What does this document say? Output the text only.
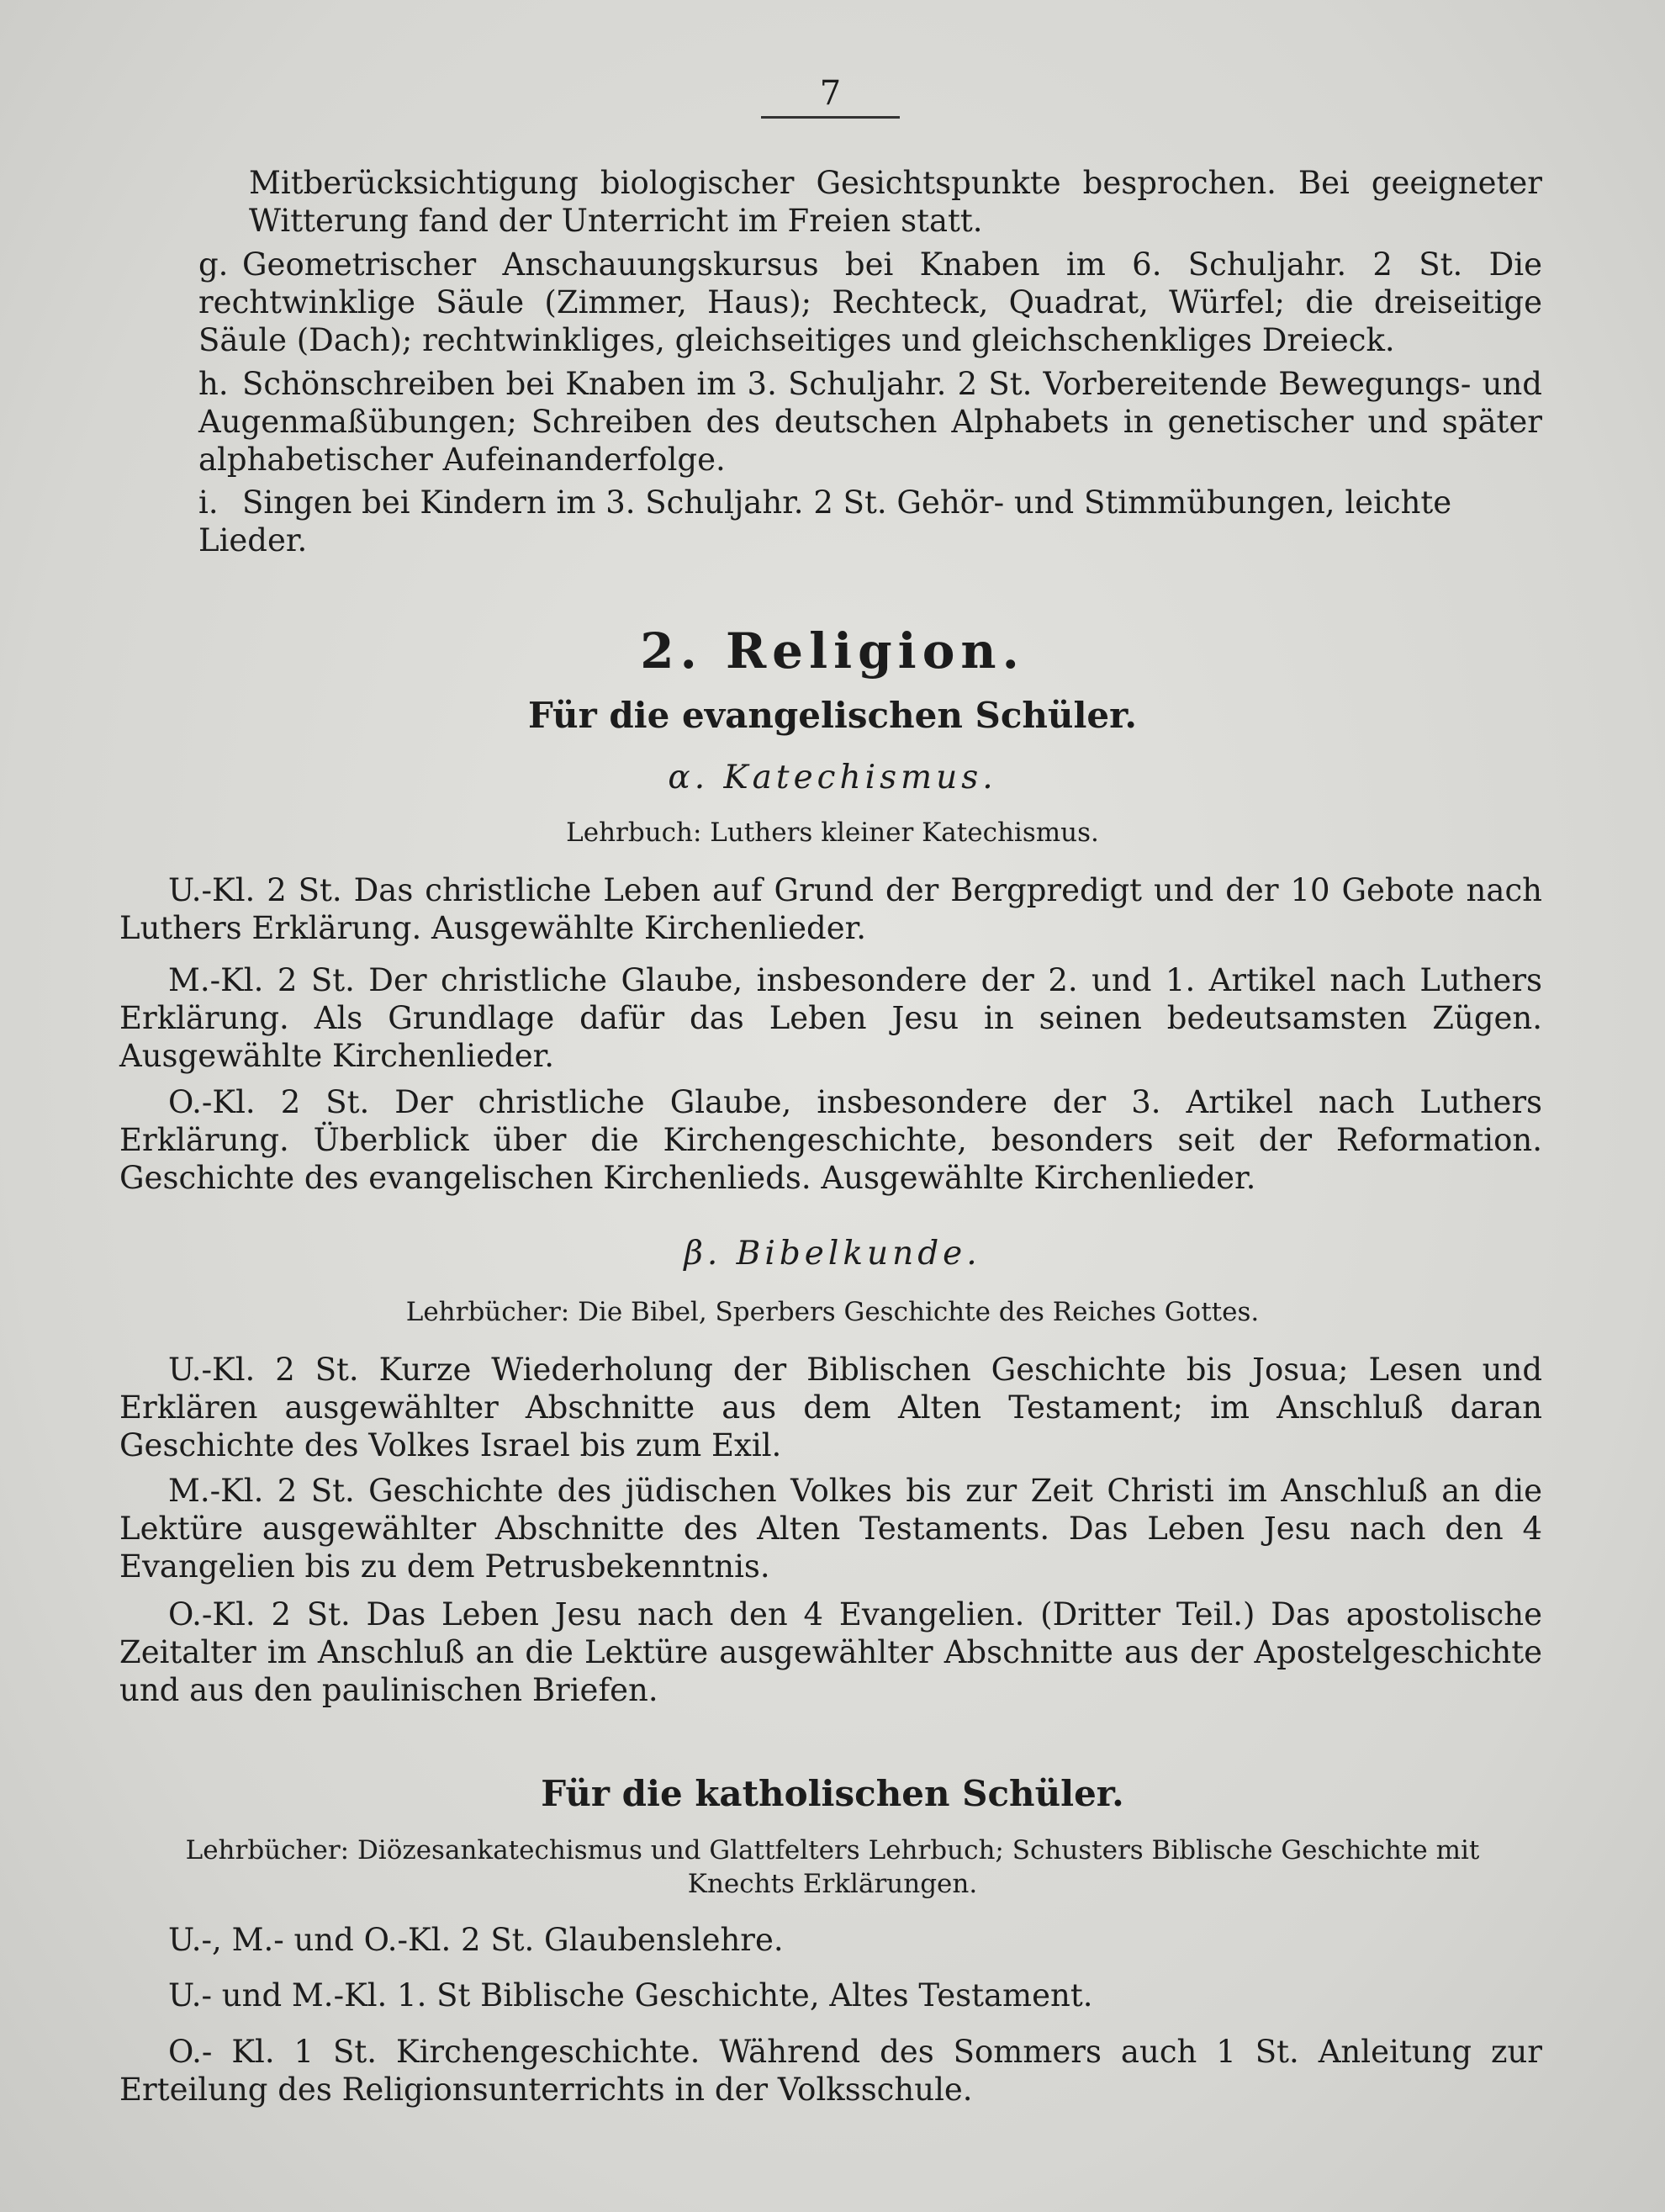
7
Mitberücksichtigung biologischer Gesichtspunkte besprochen. Bei geeigneter Witterung fand der Unterricht im Freien statt.
g. Geometrischer Anschauungskursus bei Knaben im 6. Schuljahr. 2 St. Die rechtwinklige Säule (Zimmer, Haus); Rechteck, Quadrat, Würfel; die dreiseitige Säule (Dach); rechtwinkliges, gleichseitiges und gleichschenkliges Dreieck.
h. Schönschreiben bei Knaben im 3. Schuljahr. 2 St. Vorbereitende Bewegungs- und Augenmaßübungen; Schreiben des deutschen Alphabets in genetischer und später alphabetischer Aufeinanderfolge.
i. Singen bei Kindern im 3. Schuljahr. 2 St. Gehör- und Stimmübungen, leichte Lieder.
2. Religion.
Für die evangelischen Schüler.
α. Katechismus.
Lehrbuch: Luthers kleiner Katechismus.
U.-Kl. 2 St. Das christliche Leben auf Grund der Bergpredigt und der 10 Gebote nach Luthers Erklärung. Ausgewählte Kirchenlieder.
M.-Kl. 2 St. Der christliche Glaube, insbesondere der 2. und 1. Artikel nach Luthers Erklärung. Als Grundlage dafür das Leben Jesu in seinen bedeutsamsten Zügen. Ausgewählte Kirchenlieder.
O.-Kl. 2 St. Der christliche Glaube, insbesondere der 3. Artikel nach Luthers Erklärung. Überblick über die Kirchengeschichte, besonders seit der Reformation. Geschichte des evangelischen Kirchenlieds. Ausgewählte Kirchenlieder.
β. Bibelkunde.
Lehrbücher: Die Bibel, Sperbers Geschichte des Reiches Gottes.
U.-Kl. 2 St. Kurze Wiederholung der Biblischen Geschichte bis Josua; Lesen und Erklären ausgewählter Abschnitte aus dem Alten Testament; im Anschluß daran Geschichte des Volkes Israel bis zum Exil.
M.-Kl. 2 St. Geschichte des jüdischen Volkes bis zur Zeit Christi im Anschluß an die Lektüre ausgewählter Abschnitte des Alten Testaments. Das Leben Jesu nach den 4 Evangelien bis zu dem Petrusbekenntnis.
O.-Kl. 2 St. Das Leben Jesu nach den 4 Evangelien. (Dritter Teil.) Das apostolische Zeitalter im Anschluß an die Lektüre ausgewählter Abschnitte aus der Apostelgeschichte und aus den paulinischen Briefen.
Für die katholischen Schüler.
Lehrbücher: Diözesankatechismus und Glattfelters Lehrbuch; Schusters Biblische Geschichte mit Knechts Erklärungen.
U.-, M.- und O.-Kl. 2 St. Glaubenslehre.
U.- und M.-Kl. 1. St Biblische Geschichte, Altes Testament.
O.- Kl. 1 St. Kirchengeschichte. Während des Sommers auch 1 St. Anleitung zur Erteilung des Religionsunterrichts in der Volksschule.
